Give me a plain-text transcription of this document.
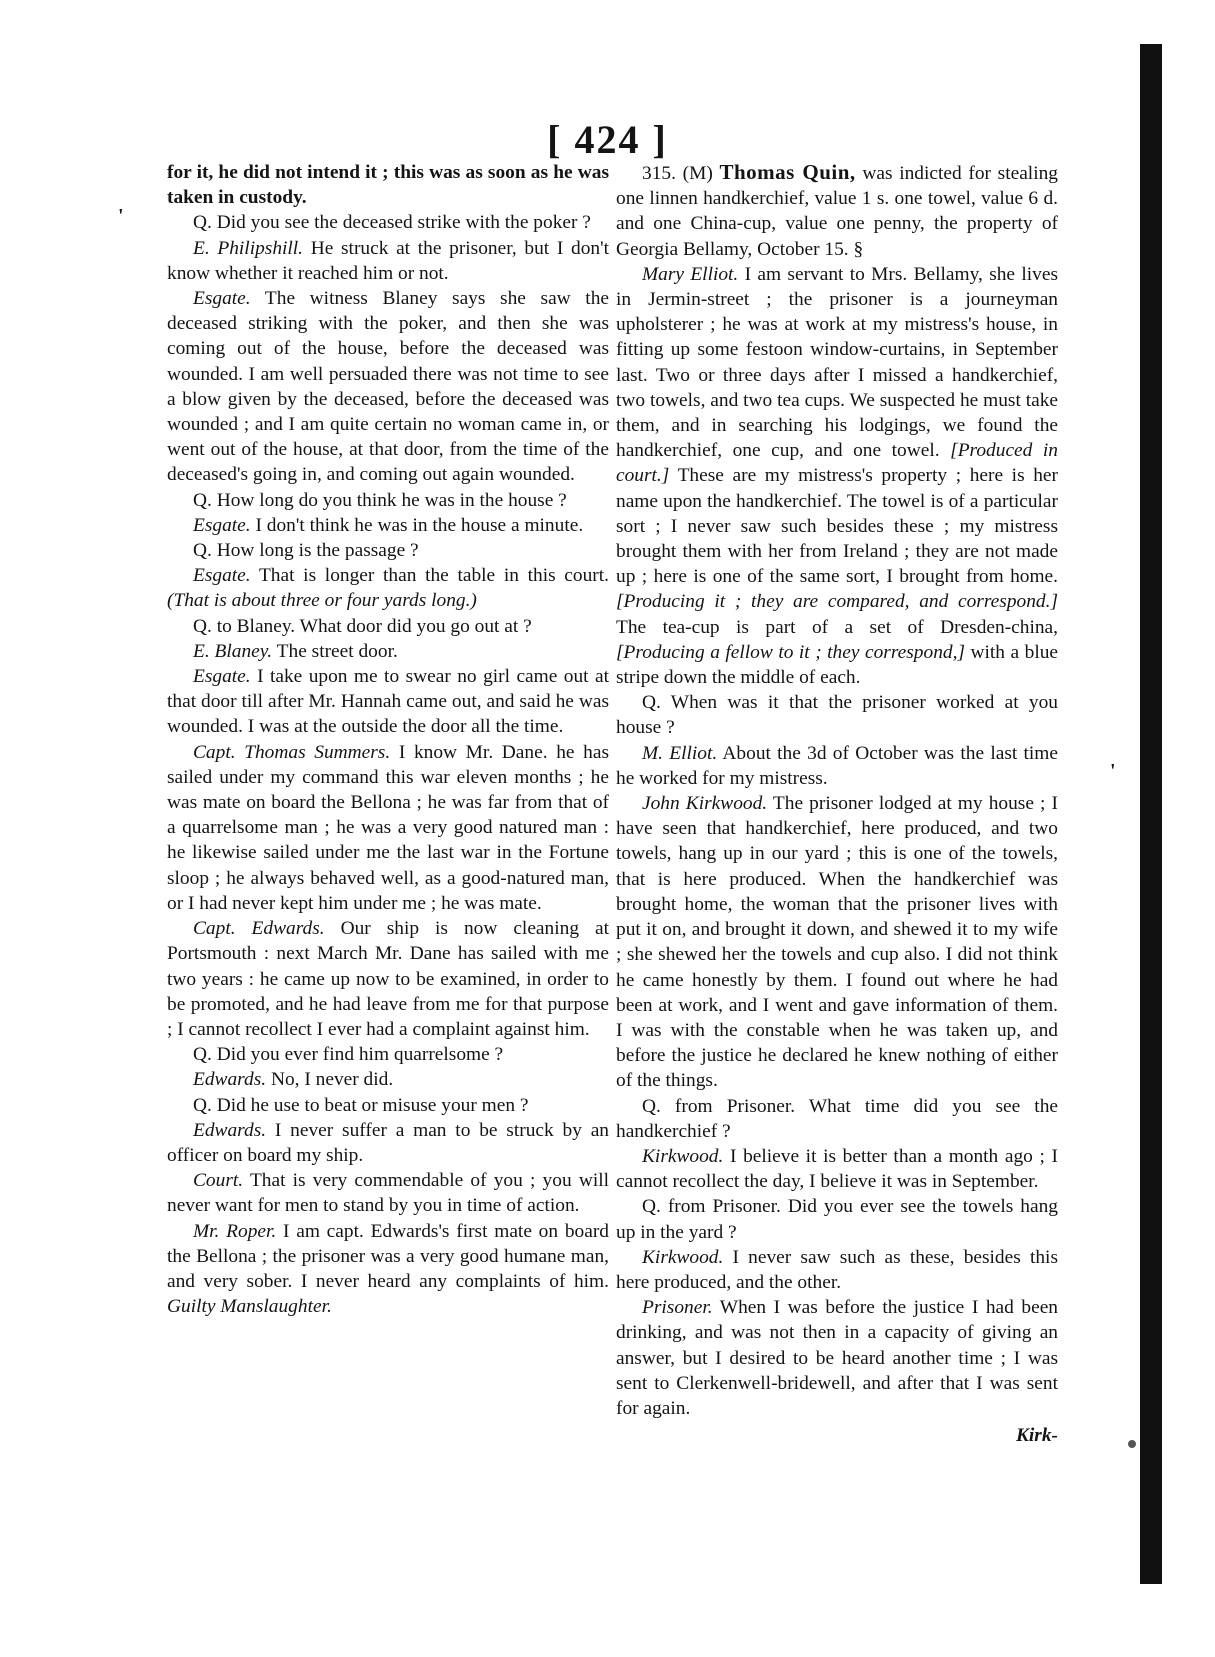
'
'
[ 424 ]

for it, he did not intend it ; this was as soon as he was taken in custody.

Q. Did you see the deceased strike with the poker ?

E. Philipshill. He struck at the prisoner, but I don't know whether it reached him or not.

Esgate. The witness Blaney says she saw the deceased striking with the poker, and then she was coming out of the house, before the deceased was wounded. I am well persuaded there was not time to see a blow given by the deceased, before the deceased was wounded ; and I am quite certain no woman came in, or went out of the house, at that door, from the time of the deceased's going in, and coming out again wounded.

Q. How long do you think he was in the house ?

Esgate. I don't think he was in the house a minute.

Q. How long is the passage ?

Esgate. That is longer than the table in this court. (That is about three or four yards long.)

Q. to Blaney. What door did you go out at ?

E. Blaney. The street door.

Esgate. I take upon me to swear no girl came out at that door till after Mr. Hannah came out, and said he was wounded. I was at the outside the door all the time.

Capt. Thomas Summers. I know Mr. Dane. he has sailed under my command this war eleven months ; he was mate on board the Bellona ; he was far from that of a quarrelsome man ; he was a very good natured man : he likewise sailed under me the last war in the Fortune sloop ; he always behaved well, as a good-natured man, or I had never kept him under me ; he was mate.

Capt. Edwards. Our ship is now cleaning at Portsmouth : next March Mr. Dane has sailed with me two years : he came up now to be examined, in order to be promoted, and he had leave from me for that purpose ; I cannot recollect I ever had a complaint against him.

Q. Did you ever find him quarrelsome ?

Edwards. No, I never did.

Q. Did he use to beat or misuse your men ?

Edwards. I never suffer a man to be struck by an officer on board my ship.

Court. That is very commendable of you ; you will never want for men to stand by you in time of action.

Mr. Roper. I am capt. Edwards's first mate on board the Bellona ; the prisoner was a very good humane man, and very sober. I never heard any complaints of him. Guilty Manslaughter.

315. (M) Thomas Quin, was indicted for stealing one linnen handkerchief, value 1 s. one towel, value 6 d. and one China-cup, value one penny, the property of Georgia Bellamy, October 15. §

Mary Elliot. I am servant to Mrs. Bellamy, she lives in Jermin-street ; the prisoner is a journeyman upholsterer ; he was at work at my mistress's house, in fitting up some festoon window-curtains, in September last. Two or three days after I missed a handkerchief, two towels, and two tea cups. We suspected he must take them, and in searching his lodgings, we found the handkerchief, one cup, and one towel. [Produced in court.] These are my mistress's property ; here is her name upon the handkerchief. The towel is of a particular sort ; I never saw such besides these ; my mistress brought them with her from Ireland ; they are not made up ; here is one of the same sort, I brought from home. [Producing it ; they are compared, and correspond.] The tea-cup is part of a set of Dresden-china, [Producing a fellow to it ; they correspond,] with a blue stripe down the middle of each.

Q. When was it that the prisoner worked at you house ?

M. Elliot. About the 3d of October was the last time he worked for my mistress.

John Kirkwood. The prisoner lodged at my house ; I have seen that handkerchief, here produced, and two towels, hang up in our yard ; this is one of the towels, that is here produced. When the handkerchief was brought home, the woman that the prisoner lives with put it on, and brought it down, and shewed it to my wife ; she shewed her the towels and cup also. I did not think he came honestly by them. I found out where he had been at work, and I went and gave information of them. I was with the constable when he was taken up, and before the justice he declared he knew nothing of either of the things.

Q. from Prisoner. What time did you see the handkerchief ?

Kirkwood. I believe it is better than a month ago ; I cannot recollect the day, I believe it was in September.

Q. from Prisoner. Did you ever see the towels hang up in the yard ?

Kirkwood. I never saw such as these, besides this here produced, and the other.

Prisoner. When I was before the justice I had been drinking, and was not then in a capacity of giving an answer, but I desired to be heard another time ; I was sent to Clerkenwell-bridewell, and after that I was sent for again.

Kirk-
